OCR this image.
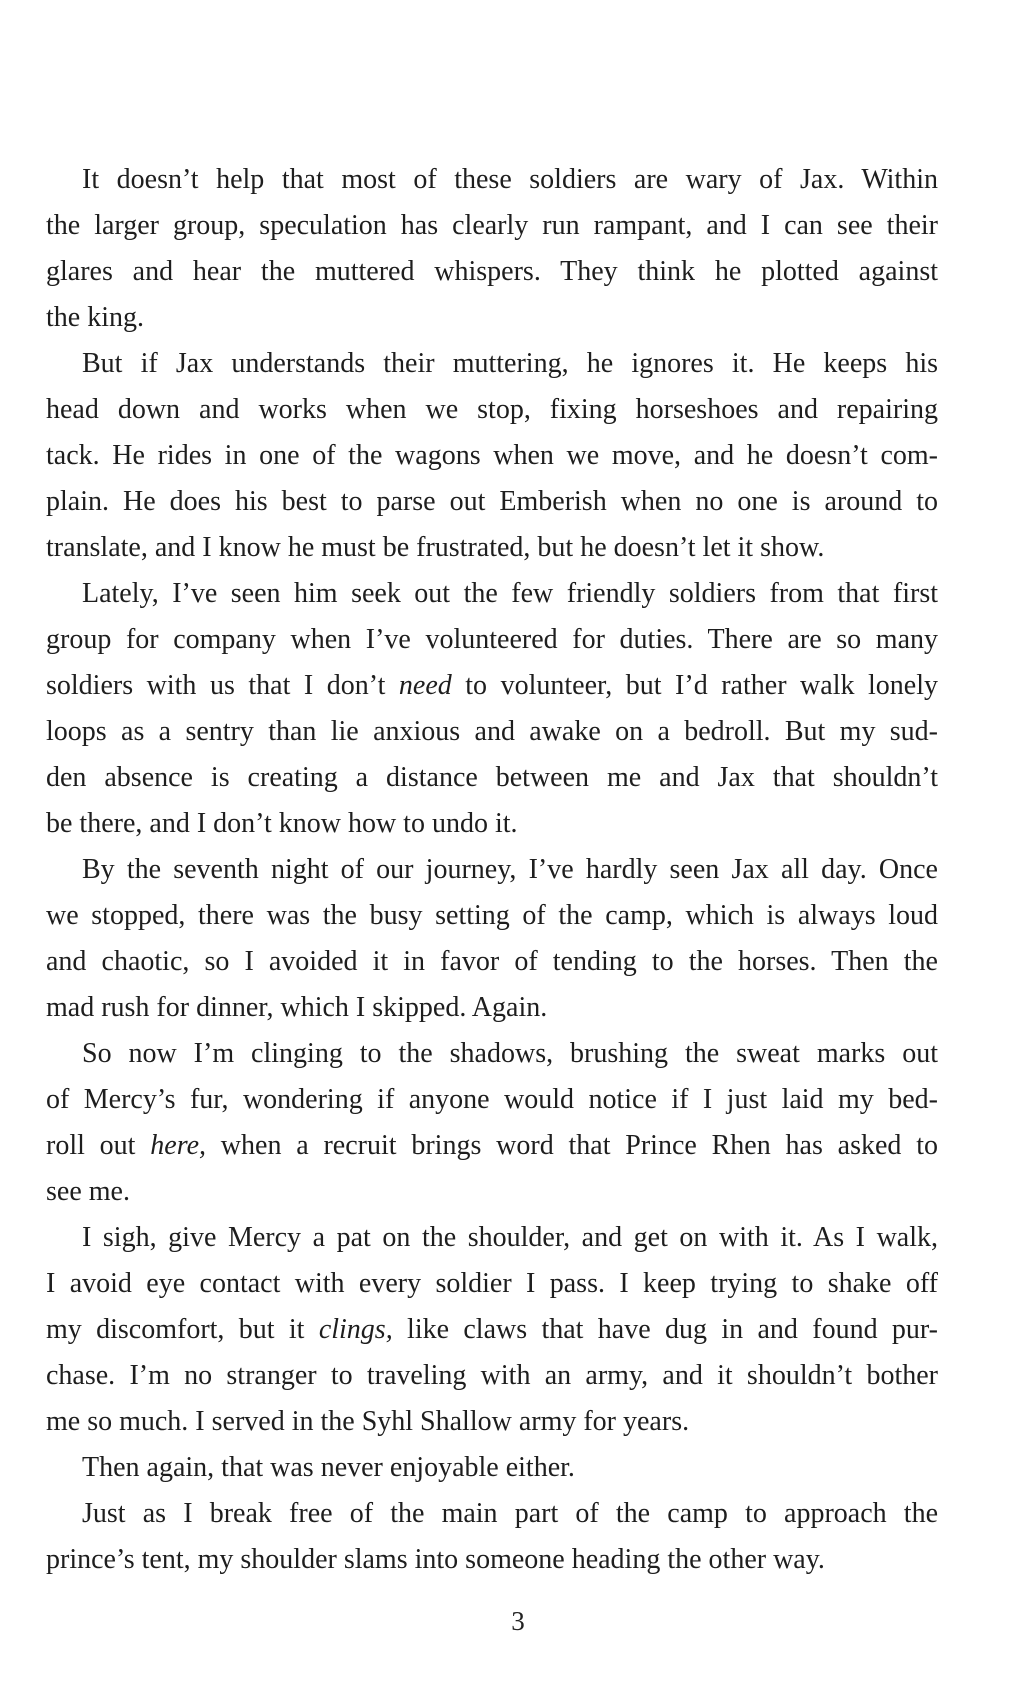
It doesn’t help that most of these soldiers are wary of Jax. Within
the larger group, speculation has clearly run rampant, and I can see their
glares and hear the muttered whispers. They think he plotted against
the king.
But if Jax understands their muttering, he ignores it. He keeps his
head down and works when we stop, fixing horseshoes and repairing
tack. He rides in one of the wagons when we move, and he doesn’t com-
plain. He does his best to parse out Emberish when no one is around to
translate, and I know he must be frustrated, but he doesn’t let it show.
Lately, I’ve seen him seek out the few friendly soldiers from that first
group for company when I’ve volunteered for duties. There are so many
soldiers with us that I don’t need to volunteer, but I’d rather walk lonely
loops as a sentry than lie anxious and awake on a bedroll. But my sud-
den absence is creating a distance between me and Jax that shouldn’t
be there, and I don’t know how to undo it.
By the seventh night of our journey, I’ve hardly seen Jax all day. Once
we stopped, there was the busy setting of the camp, which is always loud
and chaotic, so I avoided it in favor of tending to the horses. Then the
mad rush for dinner, which I skipped. Again.
So now I’m clinging to the shadows, brushing the sweat marks out
of Mercy’s fur, wondering if anyone would notice if I just laid my bed-
roll out here, when a recruit brings word that Prince Rhen has asked to
see me.
I sigh, give Mercy a pat on the shoulder, and get on with it. As I walk,
I avoid eye contact with every soldier I pass. I keep trying to shake off
my discomfort, but it clings, like claws that have dug in and found pur-
chase. I’m no stranger to traveling with an army, and it shouldn’t bother
me so much. I served in the Syhl Shallow army for years.
Then again, that was never enjoyable either.
Just as I break free of the main part of the camp to approach the
prince’s tent, my shoulder slams into someone heading the other way.
3
